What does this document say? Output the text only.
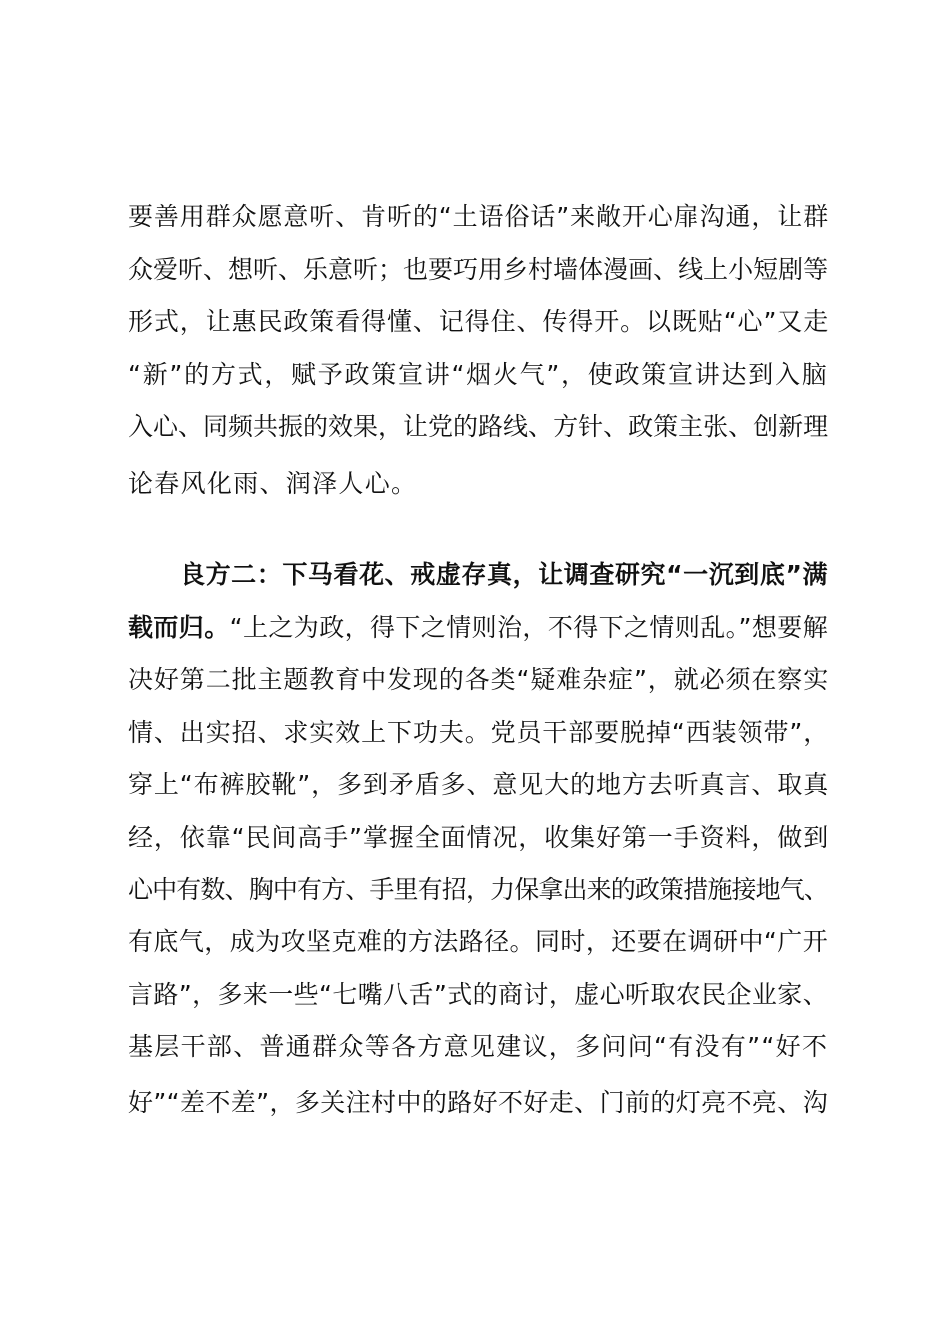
要善用群众愿意听、肯听的“土语俗话”来敞开心扉沟通，让群
众爱听、想听、乐意听；也要巧用乡村墙体漫画、线上小短剧等
形式，让惠民政策看得懂、记得住、传得开。以既贴“心”又走
“新”的方式，赋予政策宣讲“烟火气”，使政策宣讲达到入脑
入心、同频共振的效果，让党的路线、方针、政策主张、创新理
论春风化雨、润泽人心。
良方二：下马看花、戒虚存真，让调查研究“一沉到底”满
载而归。“上之为政，得下之情则治，不得下之情则乱。”想要解
决好第二批主题教育中发现的各类“疑难杂症”，就必须在察实
情、出实招、求实效上下功夫。党员干部要脱掉“西装领带”，
穿上“布裤胶靴”，多到矛盾多、意见大的地方去听真言、取真
经，依靠“民间高手”掌握全面情况，收集好第一手资料，做到
心中有数、胸中有方、手里有招，力保拿出来的政策措施接地气、
有底气，成为攻坚克难的方法路径。同时，还要在调研中“广开
言路”，多来一些“七嘴八舌”式的商讨，虚心听取农民企业家、
基层干部、普通群众等各方意见建议，多问问“有没有”“好不
好”“差不差”，多关注村中的路好不好走、门前的灯亮不亮、沟
